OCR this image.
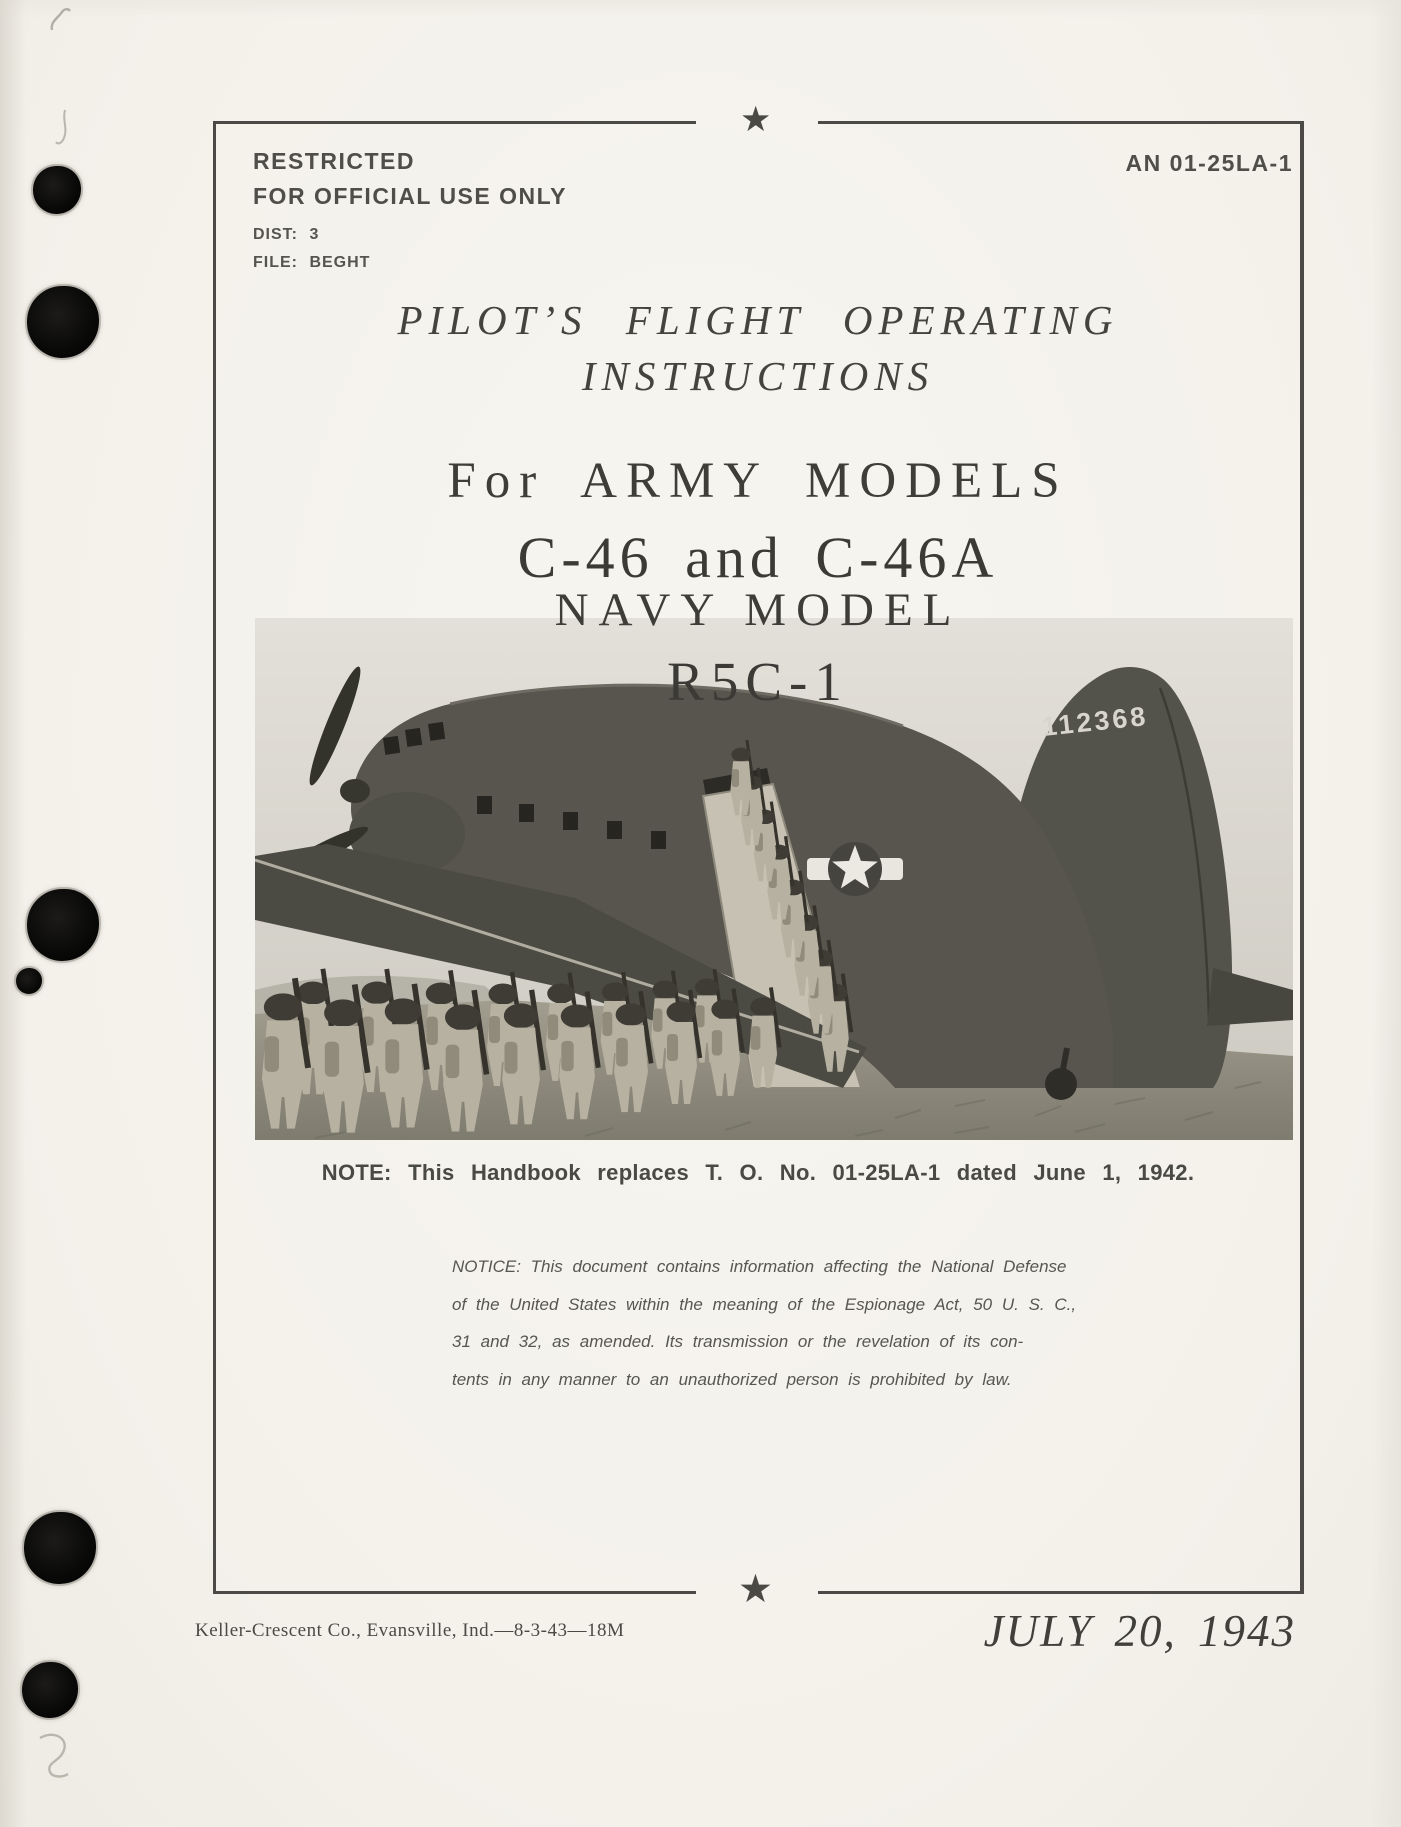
★
★
RESTRICTED
FOR OFFICIAL USE ONLY
DIST: 3
FILE: BEGHT
AN 01-25LA-1
PILOT’S FLIGHT OPERATING
INSTRUCTIONS
For ARMY MODELS
C-46 and C-46A
NAVY MODEL
R5C-1
112368
NOTE: This Handbook replaces T. O. No. 01-25LA-1 dated June 1, 1942.
NOTICE: This document contains information affecting the National Defense
of the United States within the meaning of the Espionage Act, 50 U. S. C.,
31 and 32, as amended. Its transmission or the revelation of its con-
tents in any manner to an unauthorized person is prohibited by law.
Keller-Crescent Co., Evansville, Ind.—8-3-43—18M	JULY 20, 1943
